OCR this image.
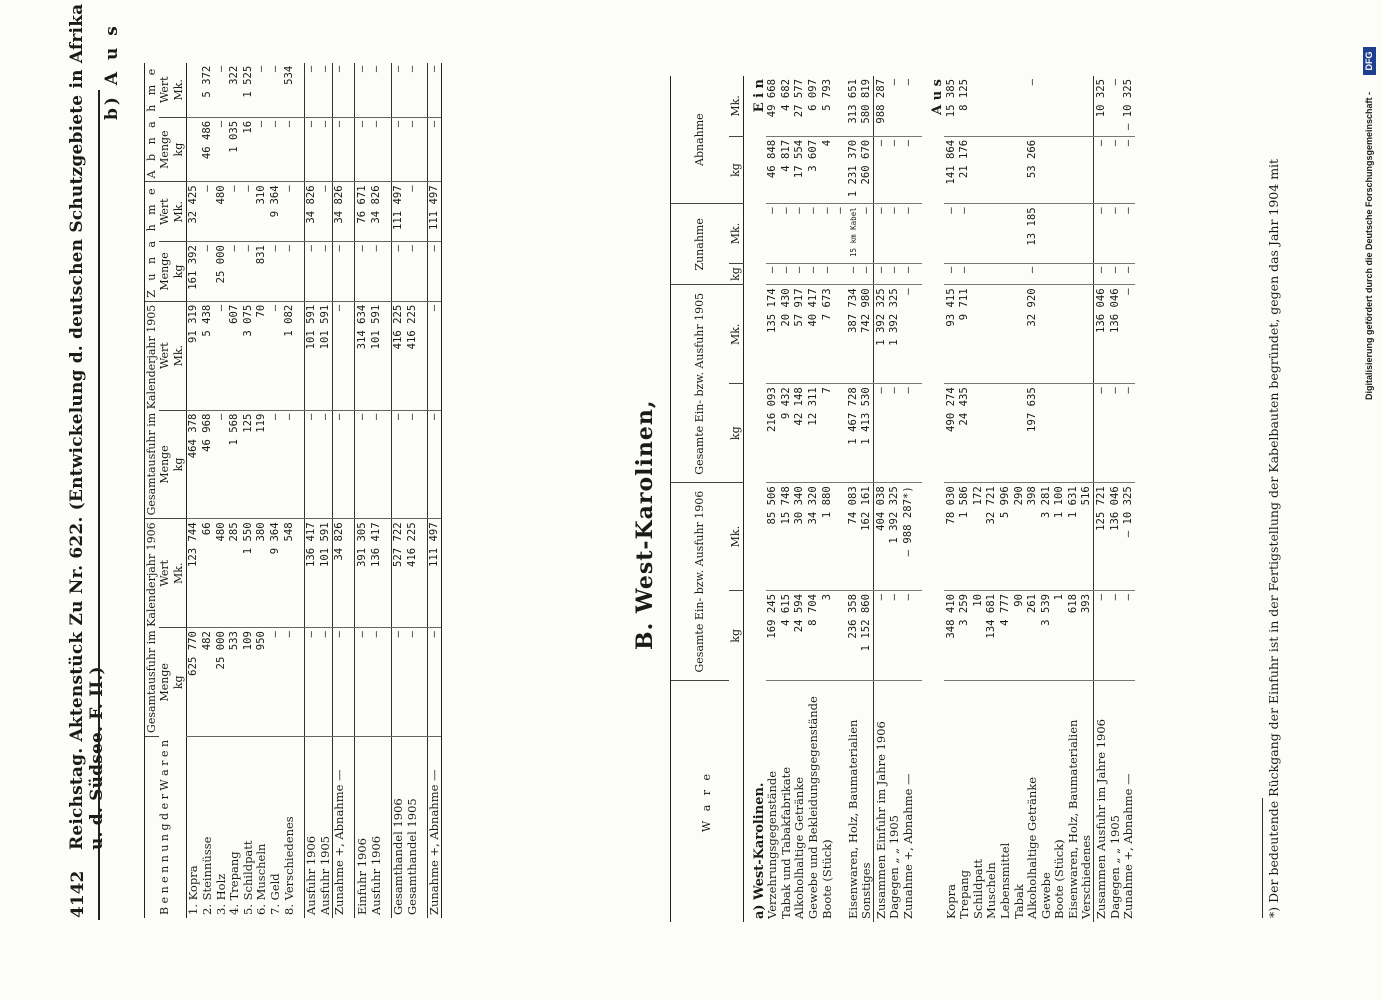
4142
Reichstag. Aktenstück Zu Nr. 622. (Entwickelung d. deutschen Schutzgebiete in Afrika u. d. Südsee. F. II.)
b) A u s
B e n e n n u n g d e r W a r e n	Gesamtausfuhr im Kalenderjahr 1906		Gesamtausfuhr im Kalenderjahr 1905		Z u n a h m e		A b n a h m e	
	Menge	Wert	Menge	Wert	Menge	Wert	Menge	Wert
	kg	Mk.	kg	Mk.	kg	Mk.	kg	Mk.
1. Kopra	625 770	123 744	464 378	91 319	161 392	32 425		
2. Steinnüsse	482	66	46 968	5 438	—	—	46 486	5 372
3. Holz	25 000	480	—	—	25 000	480	—	—
4. Trepang	533	285	1 568	607	—	—	1 035	322
5. Schildpatt	109	1 550	125	3 075	—	—	16	1 525
6. Muscheln	950	380	119	70	831	310	—	—
7. Geld	—	9 364	—	—	—	9 364	—	—
8. Verschiedenes	—	548	—	1 082	—	—	—	534

Ausfuhr 1906	—	136 417	—	101 591	—	34 826	—	—
Ausfuhr 1905	—	101 591	—	101 591	—	—	—	—
Zunahme +, Abnahme —	—	34 826	—	—	—	34 826	—	—

Einfuhr 1906	—	391 305	—	314 634	—	76 671	—	—
Ausfuhr 1906	—	136 417	—	101 591	—	34 826	—	—

Gesamthandel 1906	—	527 722	—	416 225	—	111 497	—	—
Gesamthandel 1905	—	416 225	—	416 225	—	—	—	—

Zunahme +, Abnahme —	—	111 497	—	—	—	111 497	—	—
B. West-Karolinen,
W a r e	Gesamte Ein- bzw. Ausfuhr 1906		Gesamte Ein- bzw. Ausfuhr 1905		Zunahme		Abnahme	
	kg	Mk.	kg	Mk.	kg	Mk.	kg	Mk.
a) West-Karolinen.					E i n			
Verzehrungsgegenstände	169 245	85 506	216 093	135 174	—	—	46 848	49 668
Tabak und Tabakfabrikate	4 615	15 748	9 432	20 430	—	—	4 817	4 682
Alkoholhaltige Getränke	24 594	30 340	42 148	57 917	—	—	17 554	27 577
Gewebe und Bekleidungsgegenstände	8 704	34 320	12 311	40 417	—	—	3 607	6 097
Boote (Stück)	3	1 880	7	7 673	—	—	4	5 793
Eisenwaren, Holz, Baumaterialien	236 358	74 083	1 467 728	387 734	—	— 15 km Kabel	1 231 370	313 651
Sonstiges	1 152 860	162 161	1 413 530	742 980	—	—	260 670	580 819
Zusammen Einfuhr im Jahre 1906	—	404 038	—	1 392 325	—	—	—	988 287
Dagegen „ „ 1905	—	1 392 325	—	1 392 325	—	—	—	—
Zunahme +, Abnahme —	—	— 988 287*)	—	—	—	—	—	—

					A u s			
Kopra	348 410	78 030	490 274	93 415	—	—	141 864	15 385
Trepang	3 259	1 586	24 435	9 711	—	—	21 176	8 125
Schildpatt	10	172						
Muscheln	134 681	32 721						
Lebensmittel	4 777	5 996						
Tabak	90	290						
Alkoholhaltige Getränke	261	398	197 635	32 920	—	13 185	53 266	—
Gewebe	3 539	3 281						
Boote (Stück)	1	1 100						
Eisenwaren, Holz, Baumaterialien	618	1 631						
Verschiedenes	393	516						
Zusammen Ausfuhr im Jahre 1906	—	125 721	—	136 046	—	—	—	10 325
Dagegen „ „ 1905	—	136 046	—	136 046	—	—	—	—
Zunahme +, Abnahme —	—	— 10 325	—	—	—	—	—	— 10 325
*) Der bedeutende Rückgang der Einfuhr ist in der Fertigstellung der Kabelbauten begründet, gegen das Jahr 1904 mit	Digitalisierung gefördert durch die Deutsche Forschungsgemeinschaft -
DFG
